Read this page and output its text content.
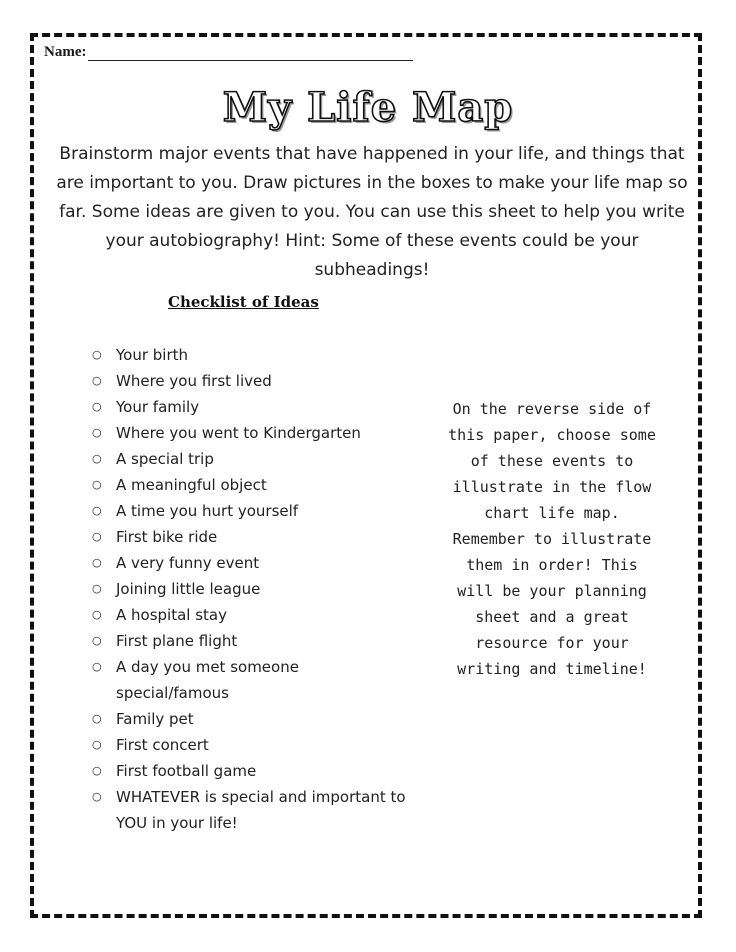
Name:
My Life Map
Brainstorm major events that have happened in your life, and things that are important to you. Draw pictures in the boxes to make your life map so far. Some ideas are given to you. You can use this sheet to help you write your autobiography! Hint: Some of these events could be your subheadings!
Checklist of Ideas
○ Your birth
○ Where you first lived
○ Your family
○ Where you went to Kindergarten
○ A special trip
○ A meaningful object
○ A time you hurt yourself
○ First bike ride
○ A very funny event
○ Joining little league
○ A hospital stay
○ First plane flight
○ A day you met someone special/famous
○ Family pet
○ First concert
○ First football game
○ WHATEVER is special and important to YOU in your life!
On the reverse side of this paper, choose some of these events to illustrate in the flow chart life map. Remember to illustrate them in order! This will be your planning sheet and a great resource for your writing and timeline!
